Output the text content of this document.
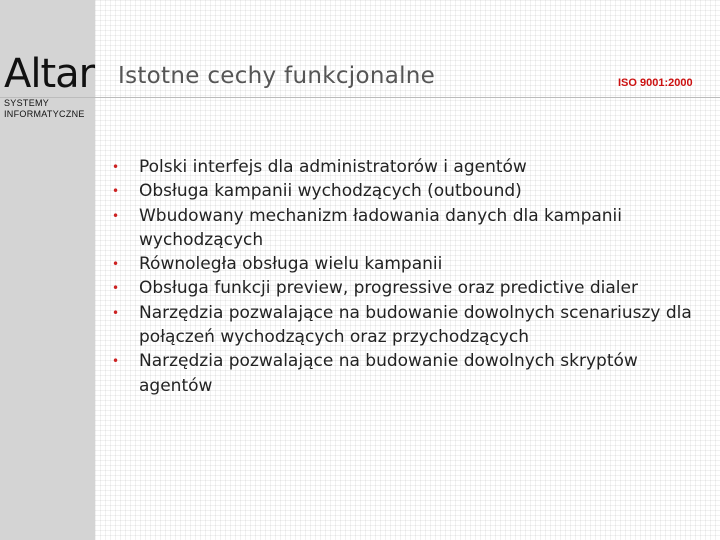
Altar
SYSTEMY
INFORMATYCZNE
Istotne cechy funkcjonalne	ISO 9001:2000
• Polski interfejs dla administratorów i agentów
• Obsługa kampanii wychodzących (outbound)
• Wbudowany mechanizm ładowania danych dla kampanii wychodzących
• Równoległa obsługa wielu kampanii
• Obsługa funkcji preview, progressive oraz predictive dialer
• Narzędzia pozwalające na budowanie dowolnych scenariuszy dla połączeń wychodzących oraz przychodzących
• Narzędzia pozwalające na budowanie dowolnych skryptów agentów
